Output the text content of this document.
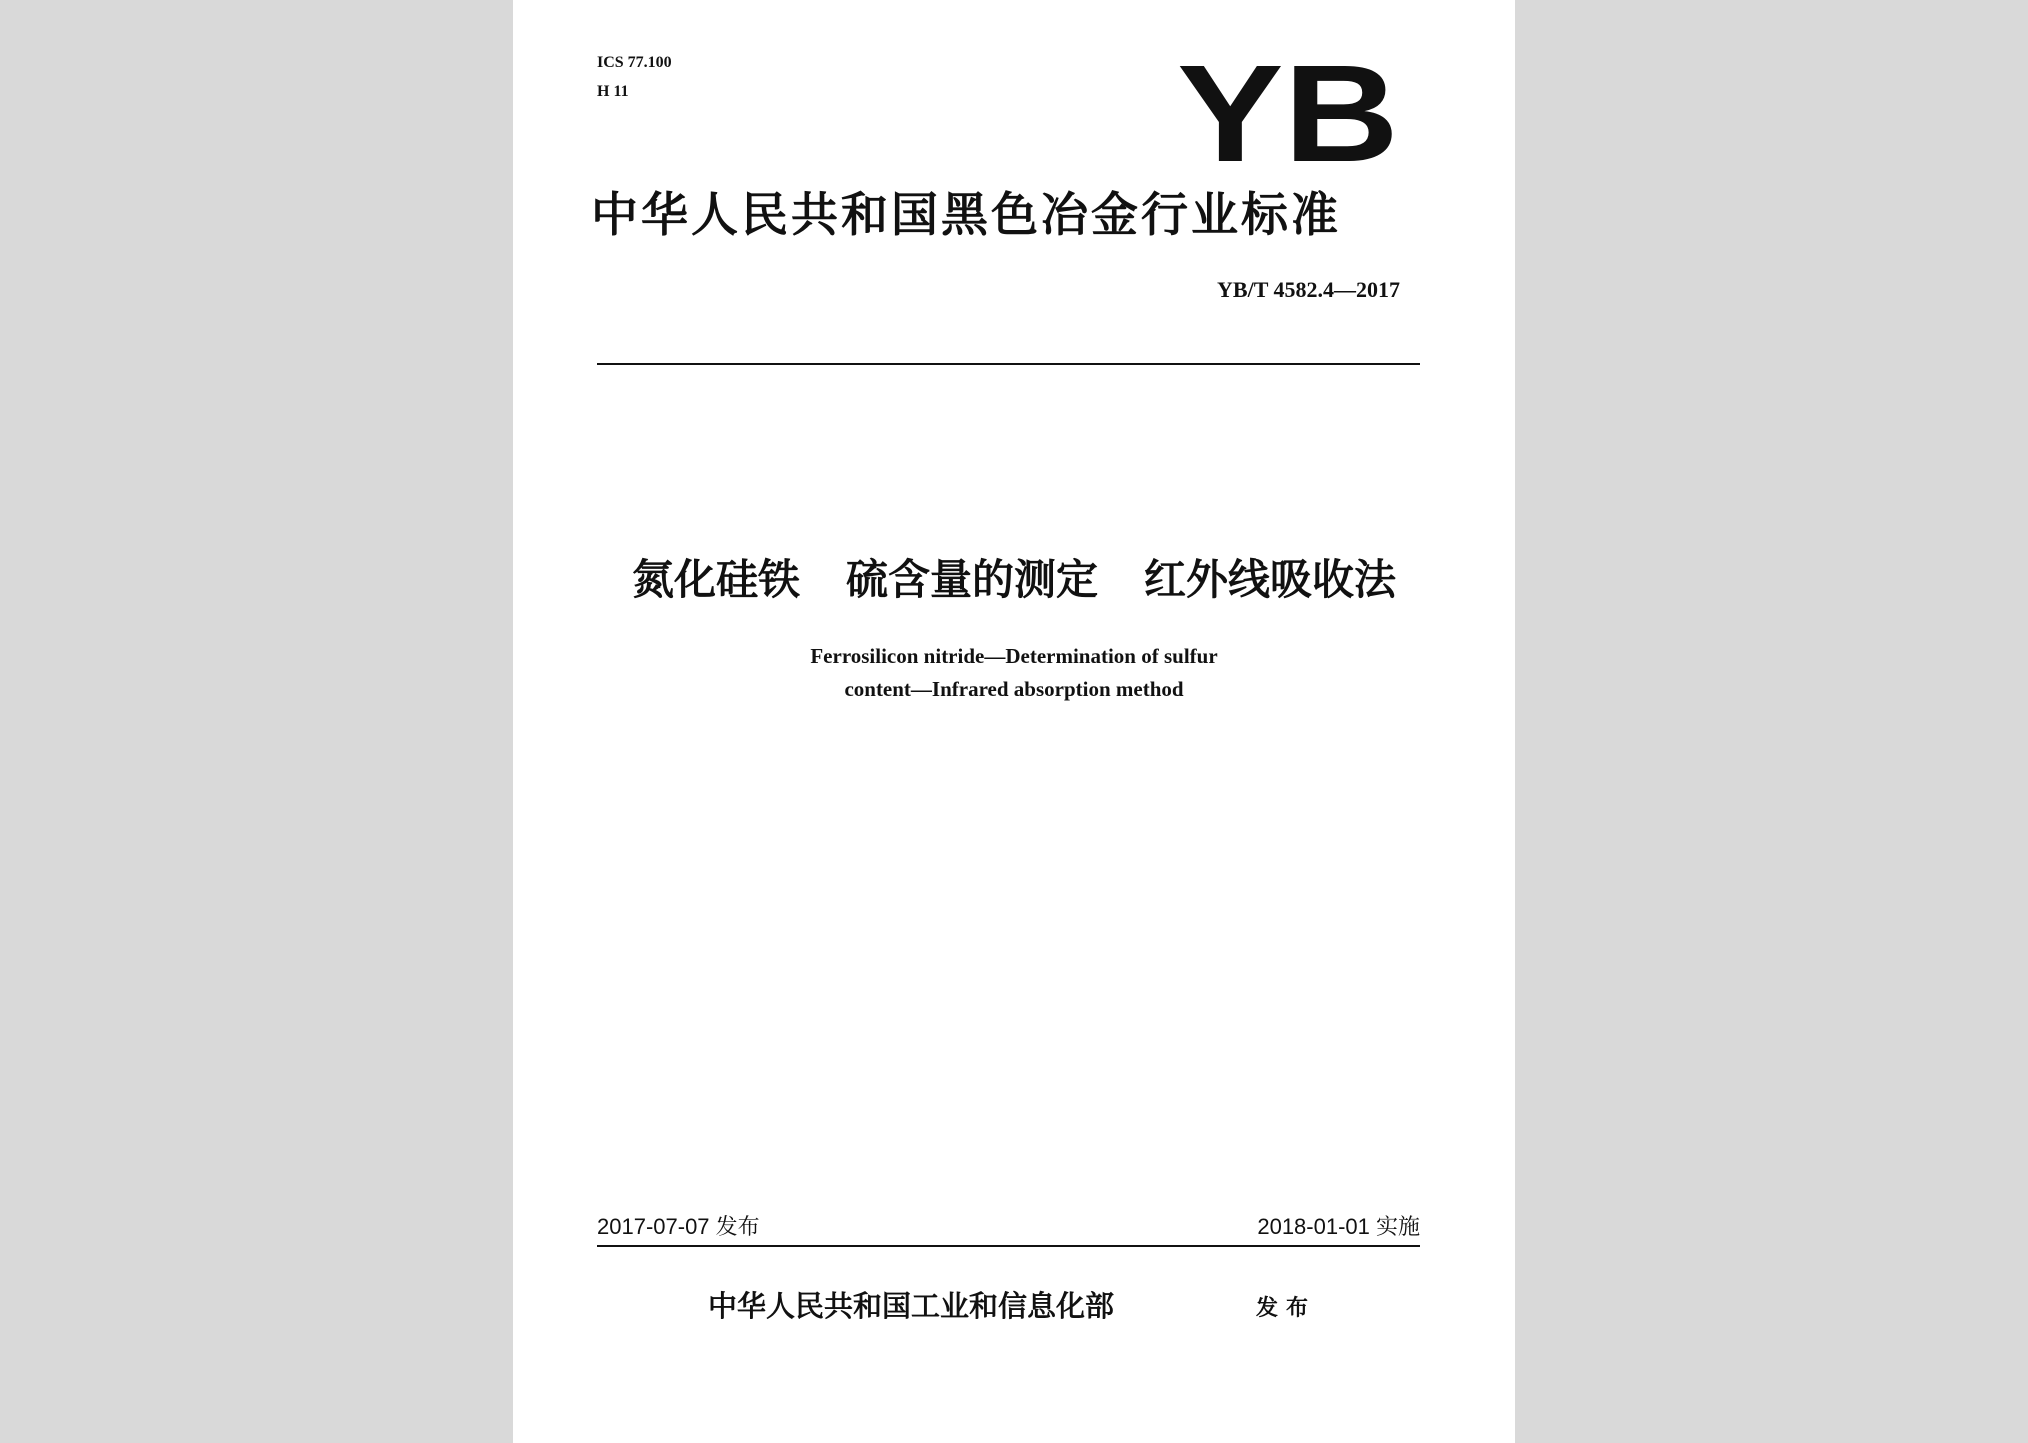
ICS 77.100
H 11	YB
中华人民共和国黑色冶金行业标准
YB/T 4582.4—2017
氮化硅铁 硫含量的测定 红外线吸收法
Ferrosilicon nitride—Determination of sulfur
content—Infrared absorption method
2017-07-07 发布	2018-01-01 实施
中华人民共和国工业和信息化部	发布
